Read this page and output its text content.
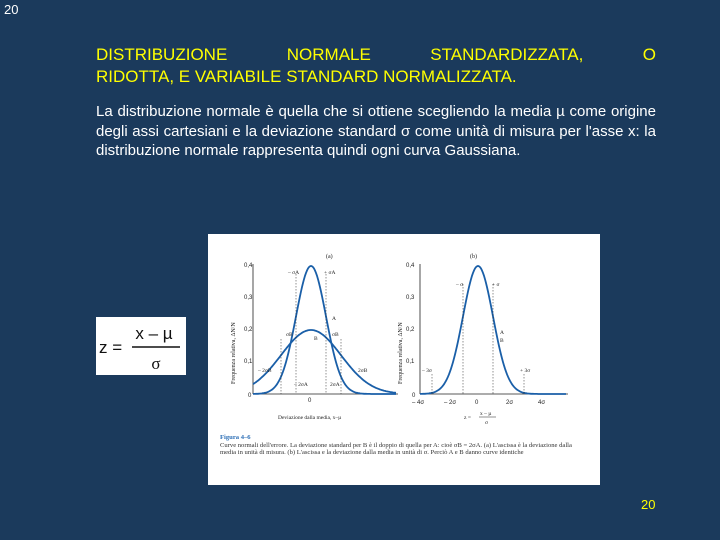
20
DISTRIBUZIONE NORMALE STANDARDIZZATA, O
RIDOTTA, E VARIABILE STANDARD NORMALIZZATA.
La distribuzione normale è quella che si ottiene scegliendo la media µ come origine degli assi cartesiani e la deviazione standard σ come unità di misura per l'asse x: la distribuzione normale rappresenta quindi ogni curva Gaussiana.
z =
x – µ
σ
(a)
Frequenza relativa, ΔN/N
0,4
0,3
0,2
0,1
0
0
– σA	+ σA
A
σB
B
σB
– 2σB
– 2σA	2σA
2σB
Deviazione dalla media, x–µ
(b)
Frequenza relativa, ΔN/N
0,4
0,3
0,2
0,1
0
– 4σ	– 2σ	0	2σ	4σ
– σ	+ σ
A
B
– 3σ	+ 3σ
z =
x – µ
σ
Figura 4–6
Curve normali dell'errore. La deviazione standard per B è il doppio di quella per A: cioè σB = 2σA. (a) L'ascissa è la deviazione dalla media in unità di misura. (b) L'ascissa e la deviazione dalla media in unità di σ. Perciò A e B danno curve identiche
20
